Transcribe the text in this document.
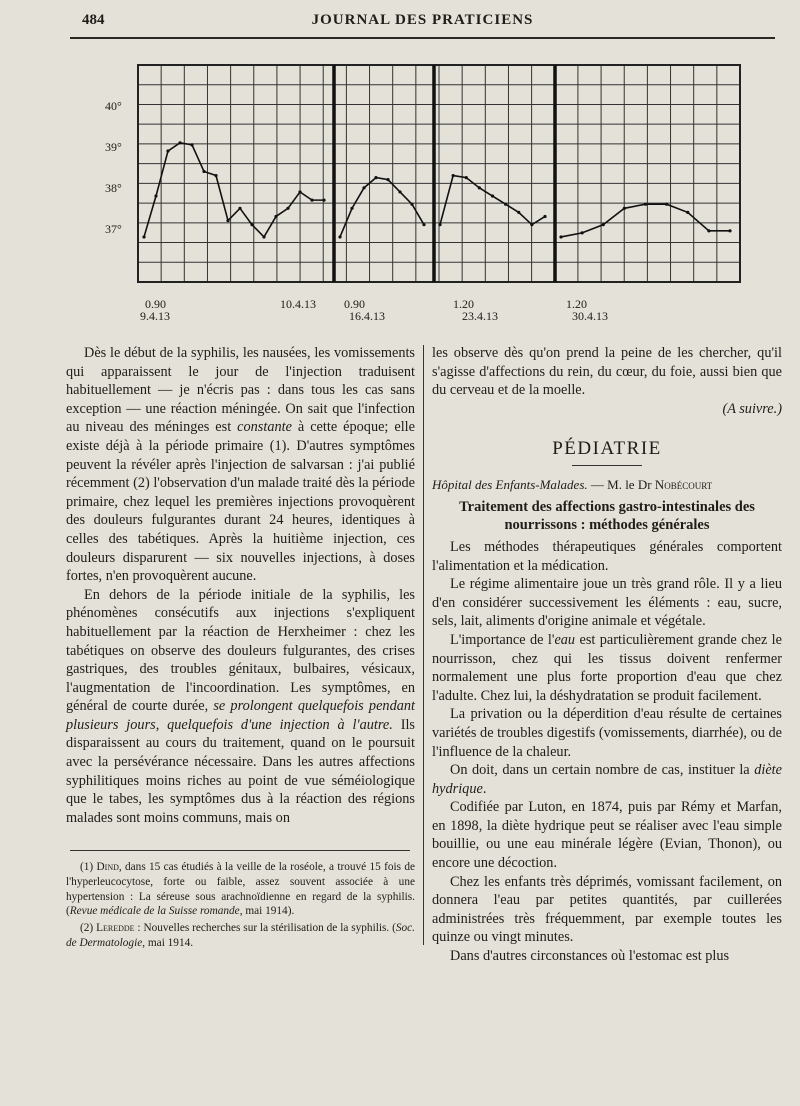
484	JOURNAL DES PRATICIENS
40°
39°
38°
37°
0.90	10.4.13
9.4.13
0.90
16.4.13
1.20
23.4.13
1.20
30.4.13

Dès le début de la syphilis, les nausées, les vomissements qui apparaissent le jour de l'injection traduisent habituellement — je n'écris pas : dans tous les cas sans exception — une réaction méningée. On sait que l'infection au niveau des méninges est constante à cette époque; elle existe déjà à la période primaire (1). D'autres symptômes peuvent la révéler après l'injection de salvarsan : j'ai publié récemment (2) l'observation d'un malade traité dès la période primaire, chez lequel les premières injections provoquèrent des douleurs fulgurantes durant 24 heures, identiques à celles des tabétiques. Après la huitième injection, ces douleurs disparurent — six nouvelles injections, à doses fortes, n'en provoquèrent aucune.

En dehors de la période initiale de la syphilis, les phénomènes consécutifs aux injections s'expliquent habituellement par la réaction de Herxheimer : chez les tabétiques on observe des douleurs fulgurantes, des crises gastriques, des troubles génitaux, bulbaires, vésicaux, l'augmentation de l'incoordination. Les symptômes, en général de courte durée, se prolongent quelquefois pendant plusieurs jours, quelquefois d'une injection à l'autre. Ils disparaissent au cours du traitement, quand on le poursuit avec la persévérance nécessaire. Dans les autres affections syphilitiques moins riches au point de vue séméiologique que le tabes, les symptômes dus à la réaction des régions malades sont moins communs, mais on

(1) Dind, dans 15 cas étudiés à la veille de la roséole, a trouvé 15 fois de l'hyperleucocytose, forte ou faible, assez souvent associée à une hypertension : La séreuse sous arachnoïdienne en regard de la syphilis. (Revue médicale de la Suisse romande, mai 1914).

(2) Leredde : Nouvelles recherches sur la stérilisation de la syphilis. (Soc. de Dermatologie, mai 1914.

les observe dès qu'on prend la peine de les chercher, qu'il s'agisse d'affections du rein, du cœur, du foie, aussi bien que du cerveau et de la moelle.

(A suivre.)
PÉDIATRIE
Hôpital des Enfants-Malades. — M. le Dr Nobécourt
Traitement des affections gastro-intestinales des nourrissons : méthodes générales

Les méthodes thérapeutiques générales comportent l'alimentation et la médication.

Le régime alimentaire joue un très grand rôle. Il y a lieu d'en considérer successivement les éléments : eau, sucre, sels, lait, aliments d'origine animale et végétale.

L'importance de l'eau est particulièrement grande chez le nourrisson, chez qui les tissus doivent renfermer normalement une plus forte proportion d'eau que chez l'adulte. Chez lui, la déshydratation se produit facilement.

La privation ou la déperdition d'eau résulte de certaines variétés de troubles digestifs (vomissements, diarrhée), ou de l'influence de la chaleur.

On doit, dans un certain nombre de cas, instituer la diète hydrique.

Codifiée par Luton, en 1874, puis par Rémy et Marfan, en 1898, la diète hydrique peut se réaliser avec l'eau simple bouillie, ou une eau minérale légère (Evian, Thonon), ou encore une décoction.

Chez les enfants très déprimés, vomissant facilement, on donnera l'eau par petites quantités, par cuillerées administrées très fréquemment, par exemple toutes les quinze ou vingt minutes.

Dans d'autres circonstances où l'estomac est plus
